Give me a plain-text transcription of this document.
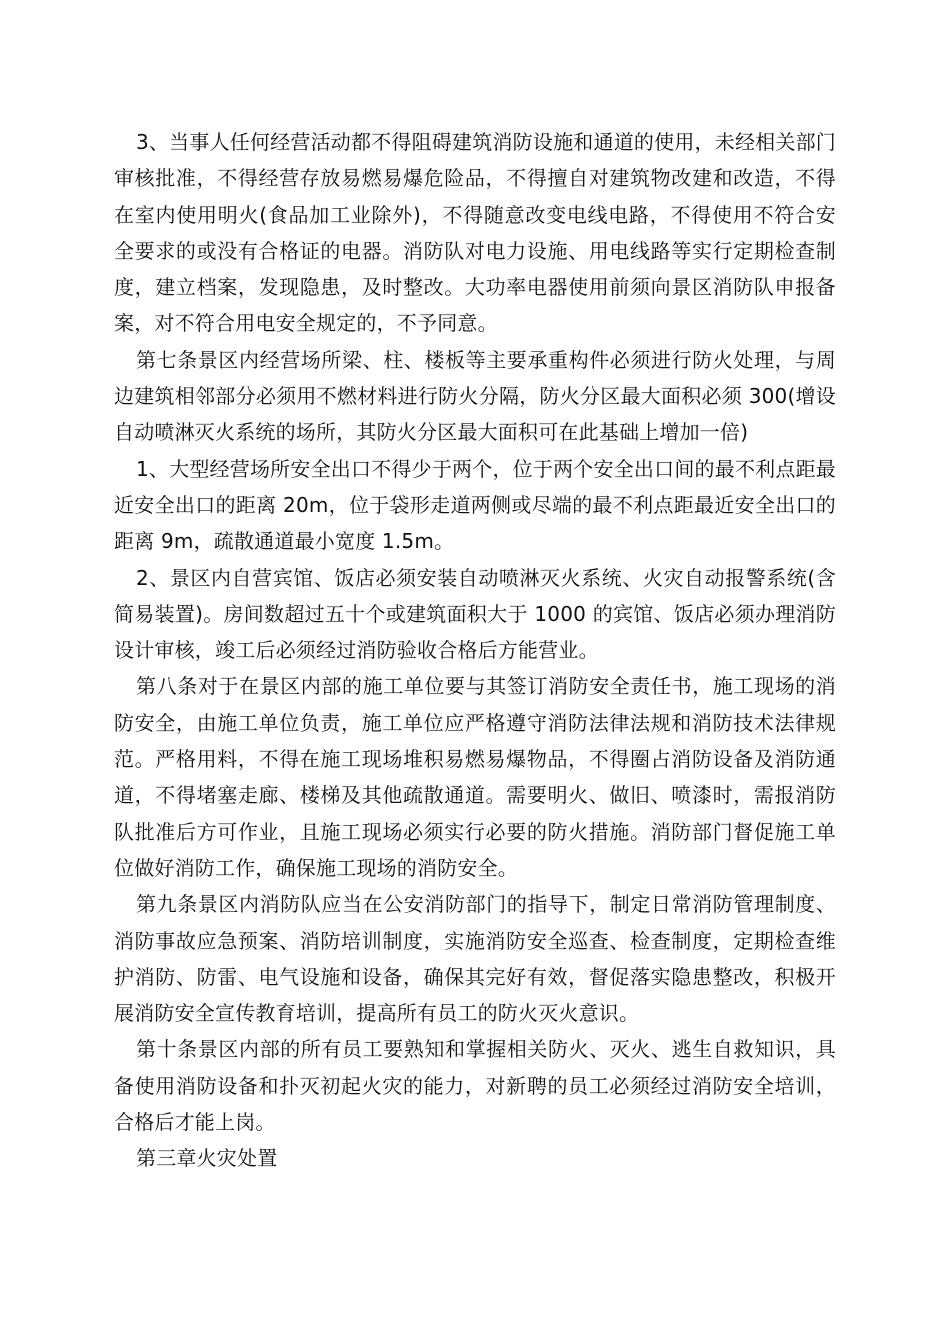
3、当事人任何经营活动都不得阻碍建筑消防设施和通道的使用，未经相关部门审核批准，不得经营存放易燃易爆危险品，不得擅自对建筑物改建和改造，不得在室内使用明火(食品加工业除外)，不得随意改变电线电路，不得使用不符合安全要求的或没有合格证的电器。消防队对电力设施、用电线路等实行定期检查制度，建立档案，发现隐患，及时整改。大功率电器使用前须向景区消防队申报备案，对不符合用电安全规定的，不予同意。

第七条景区内经营场所梁、柱、楼板等主要承重构件必须进行防火处理，与周边建筑相邻部分必须用不燃材料进行防火分隔，防火分区最大面积必须 300(增设自动喷淋灭火系统的场所，其防火分区最大面积可在此基础上增加一倍)

1、大型经营场所安全出口不得少于两个，位于两个安全出口间的最不利点距最近安全出口的距离 20m，位于袋形走道两侧或尽端的最不利点距最近安全出口的距离 9m，疏散通道最小宽度 1.5m。

2、景区内自营宾馆、饭店必须安装自动喷淋灭火系统、火灾自动报警系统(含简易装置)。房间数超过五十个或建筑面积大于 1000 的宾馆、饭店必须办理消防设计审核，竣工后必须经过消防验收合格后方能营业。

第八条对于在景区内部的施工单位要与其签订消防安全责任书，施工现场的消防安全，由施工单位负责，施工单位应严格遵守消防法律法规和消防技术法律规范。严格用料，不得在施工现场堆积易燃易爆物品，不得圈占消防设备及消防通道，不得堵塞走廊、楼梯及其他疏散通道。需要明火、做旧、喷漆时，需报消防队批准后方可作业，且施工现场必须实行必要的防火措施。消防部门督促施工单位做好消防工作，确保施工现场的消防安全。

第九条景区内消防队应当在公安消防部门的指导下，制定日常消防管理制度、消防事故应急预案、消防培训制度，实施消防安全巡查、检查制度，定期检查维护消防、防雷、电气设施和设备，确保其完好有效，督促落实隐患整改，积极开展消防安全宣传教育培训，提高所有员工的防火灭火意识。

第十条景区内部的所有员工要熟知和掌握相关防火、灭火、逃生自救知识，具备使用消防设备和扑灭初起火灾的能力，对新聘的员工必须经过消防安全培训，合格后才能上岗。

第三章火灾处置
